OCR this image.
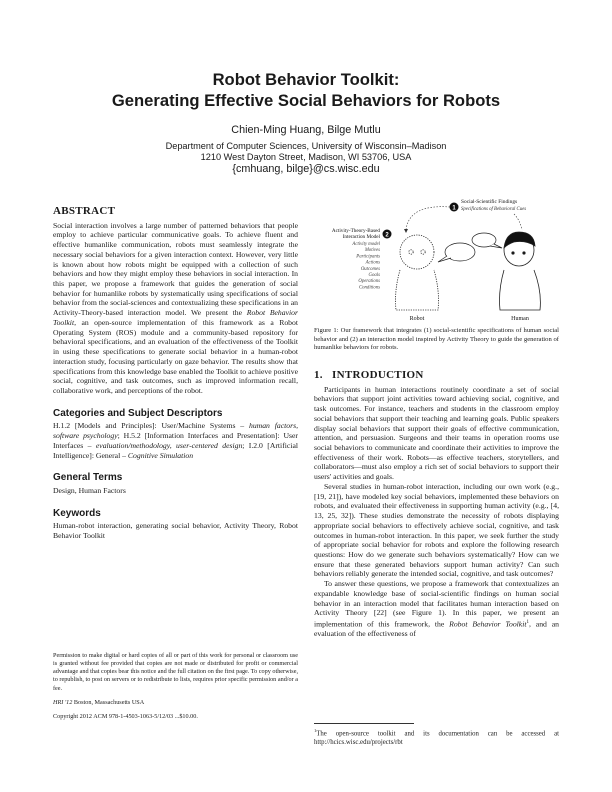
Robot Behavior Toolkit:
Generating Effective Social Behaviors for Robots
Chien-Ming Huang, Bilge Mutlu
Department of Computer Sciences, University of Wisconsin–Madison
1210 West Dayton Street, Madison, WI 53706, USA
{cmhuang, bilge}@cs.wisc.edu
ABSTRACT

Social interaction involves a large number of patterned behaviors that people employ to achieve particular communicative goals. To achieve fluent and effective humanlike communication, robots must seamlessly integrate the necessary social behaviors for a given interaction context. However, very little is known about how robots might be equipped with a collection of such behaviors and how they might employ these behaviors in social interaction. In this paper, we propose a framework that guides the generation of social behavior for humanlike robots by systematically using specifications of social behavior from the social-sciences and contextualizing these specifications in an Activity-Theory-based interaction model. We present the Robot Behavior Toolkit, an open-source implementation of this framework as a Robot Operating System (ROS) module and a community-based repository for behavioral specifications, and an evaluation of the effectiveness of the Toolkit in using these specifications to generate social behavior in a human-robot interaction study, focusing particularly on gaze behavior. The results show that specifications from this knowledge base enabled the Toolkit to achieve positive social, cognitive, and task outcomes, such as improved information recall, collaborative work, and perceptions of the robot.

Categories and Subject Descriptors

H.1.2 [Models and Principles]: User/Machine Systems – human factors, software psychology; H.5.2 [Information Interfaces and Presentation]: User Interfaces – evaluation/methodology, user-centered design; I.2.0 [Artificial Intelligence]: General – Cognitive Simulation

General Terms

Design, Human Factors

Keywords

Human-robot interaction, generating social behavior, Activity Theory, Robot Behavior Toolkit

Permission to make digital or hard copies of all or part of this work for personal or classroom use is granted without fee provided that copies are not made or distributed for profit or commercial advantage and that copies bear this notice and the full citation on the first page. To copy otherwise, to republish, to post on servers or to redistribute to lists, requires prior specific permission and/or a fee.

HRI '12 Boston, Massachusetts USA

Copyright 2012 ACM 978-1-4503-1063-5/12/03 ...$10.00.

1
Social-Scientific Findings
Specifications of Behavioral Cues
2
Activity-Theory-Based
Interaction Model
Activity model
Motives
Participants
Actions
Outcomes
Goals
Operations
Conditions
Robot	Human
Figure 1: Our framework that integrates (1) social-scientific specifications of human social behavior and (2) an interaction model inspired by Activity Theory to guide the generation of humanlike behaviors for robots.
1. INTRODUCTION

Participants in human interactions routinely coordinate a set of social behaviors that support joint activities toward achieving social, cognitive, and task outcomes. For instance, teachers and students in the classroom employ social behaviors that support their teaching and learning goals. Public speakers display social behaviors that support their goals of effective communication, attention, and persuasion. Surgeons and their teams in operation rooms use social behaviors to communicate and coordinate their activities to improve the effectiveness of their work. Robots—as effective teachers, storytellers, and collaborators—must also employ a rich set of social behaviors to support their users' activities and goals.

Several studies in human-robot interaction, including our own work (e.g., [19, 21]), have modeled key social behaviors, implemented these behaviors on robots, and evaluated their effectiveness in supporting human activity (e.g., [4, 13, 25, 32]). These studies demonstrate the necessity of robots displaying appropriate social behaviors to effectively achieve social, cognitive, and task outcomes in human-robot interaction. In this paper, we seek further the study of appropriate social behavior for robots and explore the following research questions: How do we generate such behaviors systematically? How can we ensure that these generated behaviors support human activity? Can such behaviors reliably generate the intended social, cognitive, and task outcomes?

To answer these questions, we propose a framework that contextualizes an expandable knowledge base of social-scientific findings on human social behavior in an interaction model that facilitates human interaction based on Activity Theory [22] (see Figure 1). In this paper, we present an implementation of this framework, the Robot Behavior Toolkit$^1$, and an evaluation of the effectiveness of

$^1$The open-source toolkit and its documentation can be accessed at http://hcics.wisc.edu/projects/rbt
